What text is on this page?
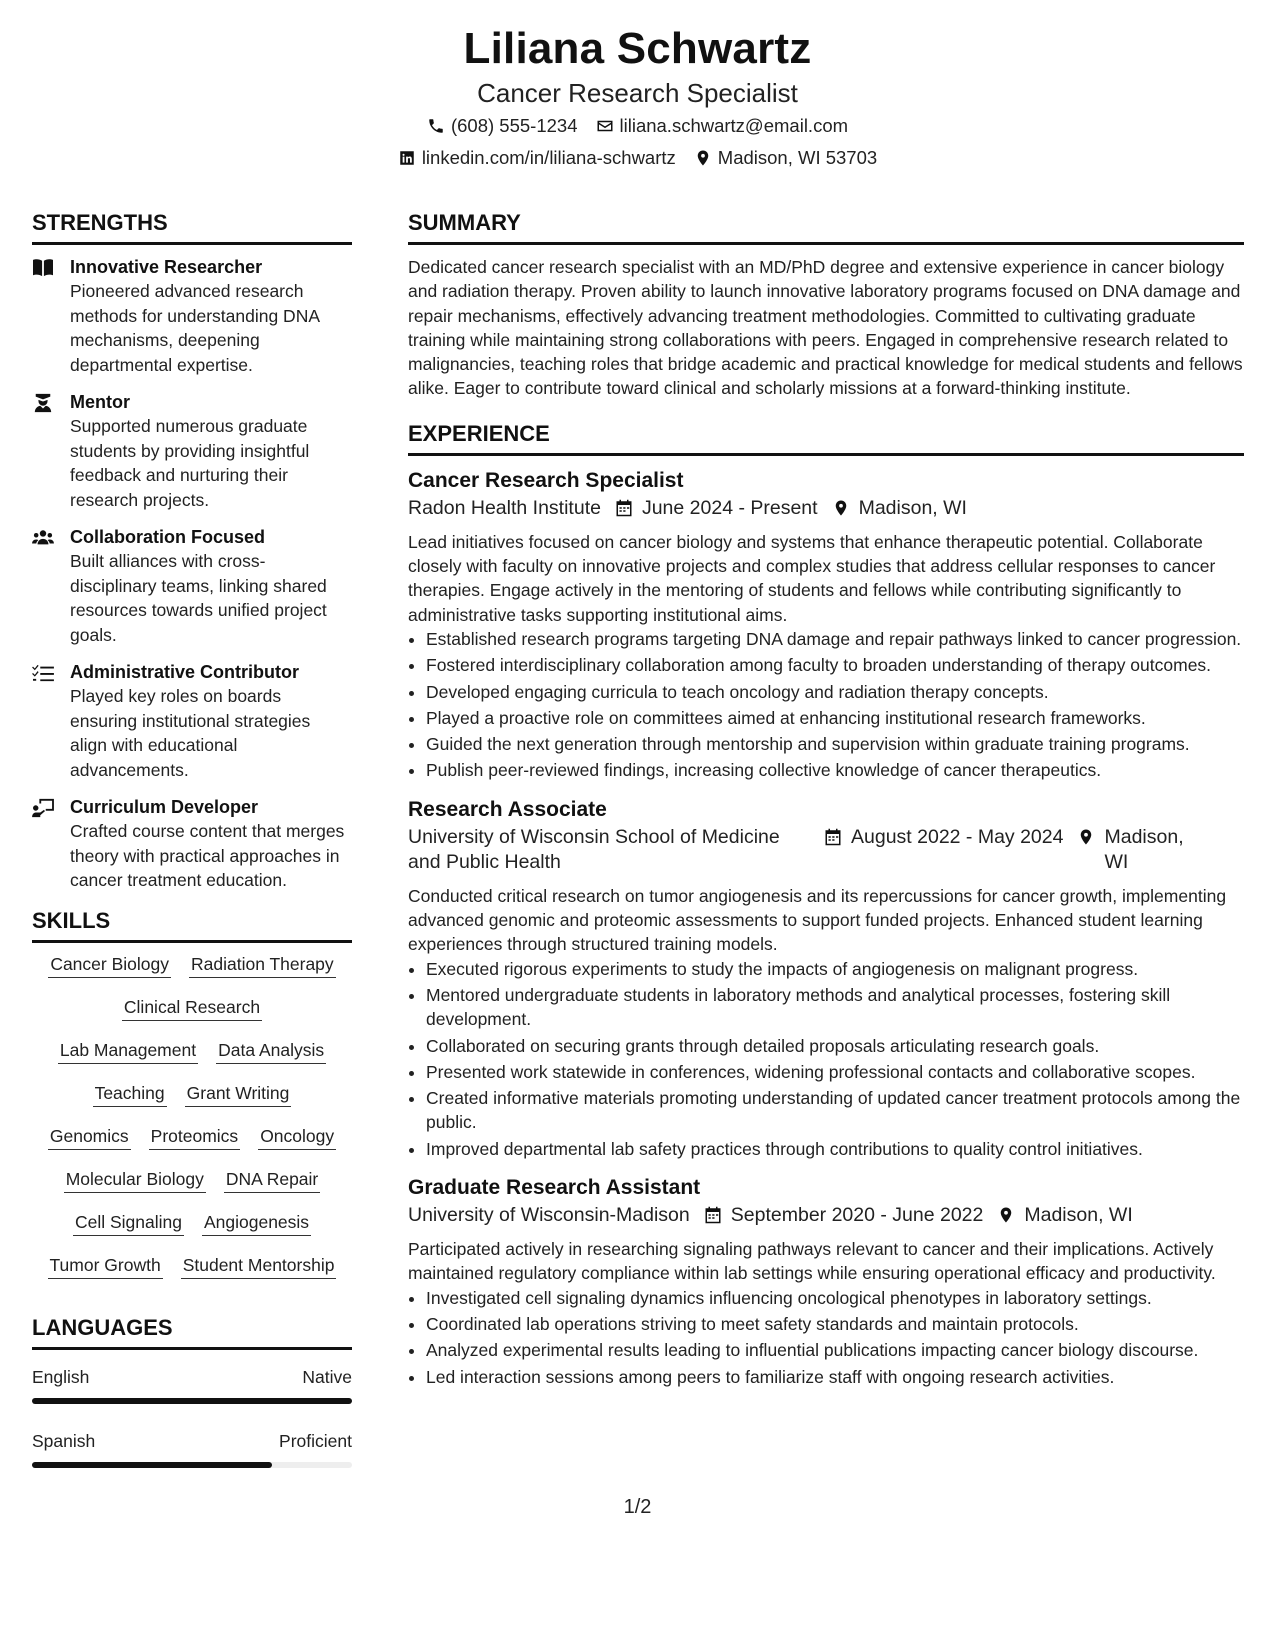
Liliana Schwartz
Cancer Research Specialist
(608) 555-1234 liliana.schwartz@email.com
linkedin.com/in/liliana-schwartz Madison, WI 53703
STRENGTHS
Innovative Researcher
Pioneered advanced research methods for understanding DNA mechanisms, deepening departmental expertise.
Mentor
Supported numerous graduate students by providing insightful feedback and nurturing their research projects.
Collaboration Focused
Built alliances with cross-disciplinary teams, linking shared resources towards unified project goals.
Administrative Contributor
Played key roles on boards ensuring institutional strategies align with educational advancements.
Curriculum Developer
Crafted course content that merges theory with practical approaches in cancer treatment education.
SKILLS
Cancer Biology Radiation Therapy
Clinical Research
Lab Management Data Analysis
Teaching Grant Writing
Genomics Proteomics Oncology
Molecular Biology DNA Repair
Cell Signaling Angiogenesis
Tumor Growth Student Mentorship
LANGUAGES
English	Native
Spanish	Proficient
SUMMARY
Dedicated cancer research specialist with an MD/PhD degree and extensive experience in cancer biology and radiation therapy. Proven ability to launch innovative laboratory programs focused on DNA damage and repair mechanisms, effectively advancing treatment methodologies. Committed to cultivating graduate training while maintaining strong collaborations with peers. Engaged in comprehensive research related to malignancies, teaching roles that bridge academic and practical knowledge for medical students and fellows alike. Eager to contribute toward clinical and scholarly missions at a forward-thinking institute.
EXPERIENCE
Cancer Research Specialist
Radon Health Institute June 2024 - Present Madison, WI
Lead initiatives focused on cancer biology and systems that enhance therapeutic potential. Collaborate closely with faculty on innovative projects and complex studies that address cellular responses to cancer therapies. Engage actively in the mentoring of students and fellows while contributing significantly to administrative tasks supporting institutional aims.
• Established research programs targeting DNA damage and repair pathways linked to cancer progression.
• Fostered interdisciplinary collaboration among faculty to broaden understanding of therapy outcomes.
• Developed engaging curricula to teach oncology and radiation therapy concepts.
• Played a proactive role on committees aimed at enhancing institutional research frameworks.
• Guided the next generation through mentorship and supervision within graduate training programs.
• Publish peer-reviewed findings, increasing collective knowledge of cancer therapeutics.
Research Associate
University of Wisconsin School of Medicine and Public Health
August 2022 - May 2024 Madison, WI
Conducted critical research on tumor angiogenesis and its repercussions for cancer growth, implementing advanced genomic and proteomic assessments to support funded projects. Enhanced student learning experiences through structured training models.
• Executed rigorous experiments to study the impacts of angiogenesis on malignant progress.
• Mentored undergraduate students in laboratory methods and analytical processes, fostering skill development.
• Collaborated on securing grants through detailed proposals articulating research goals.
• Presented work statewide in conferences, widening professional contacts and collaborative scopes.
• Created informative materials promoting understanding of updated cancer treatment protocols among the public.
• Improved departmental lab safety practices through contributions to quality control initiatives.
Graduate Research Assistant
University of Wisconsin-Madison September 2020 - June 2022 Madison, WI
Participated actively in researching signaling pathways relevant to cancer and their implications. Actively maintained regulatory compliance within lab settings while ensuring operational efficacy and productivity.
• Investigated cell signaling dynamics influencing oncological phenotypes in laboratory settings.
• Coordinated lab operations striving to meet safety standards and maintain protocols.
• Analyzed experimental results leading to influential publications impacting cancer biology discourse.
• Led interaction sessions among peers to familiarize staff with ongoing research activities.
1/2
